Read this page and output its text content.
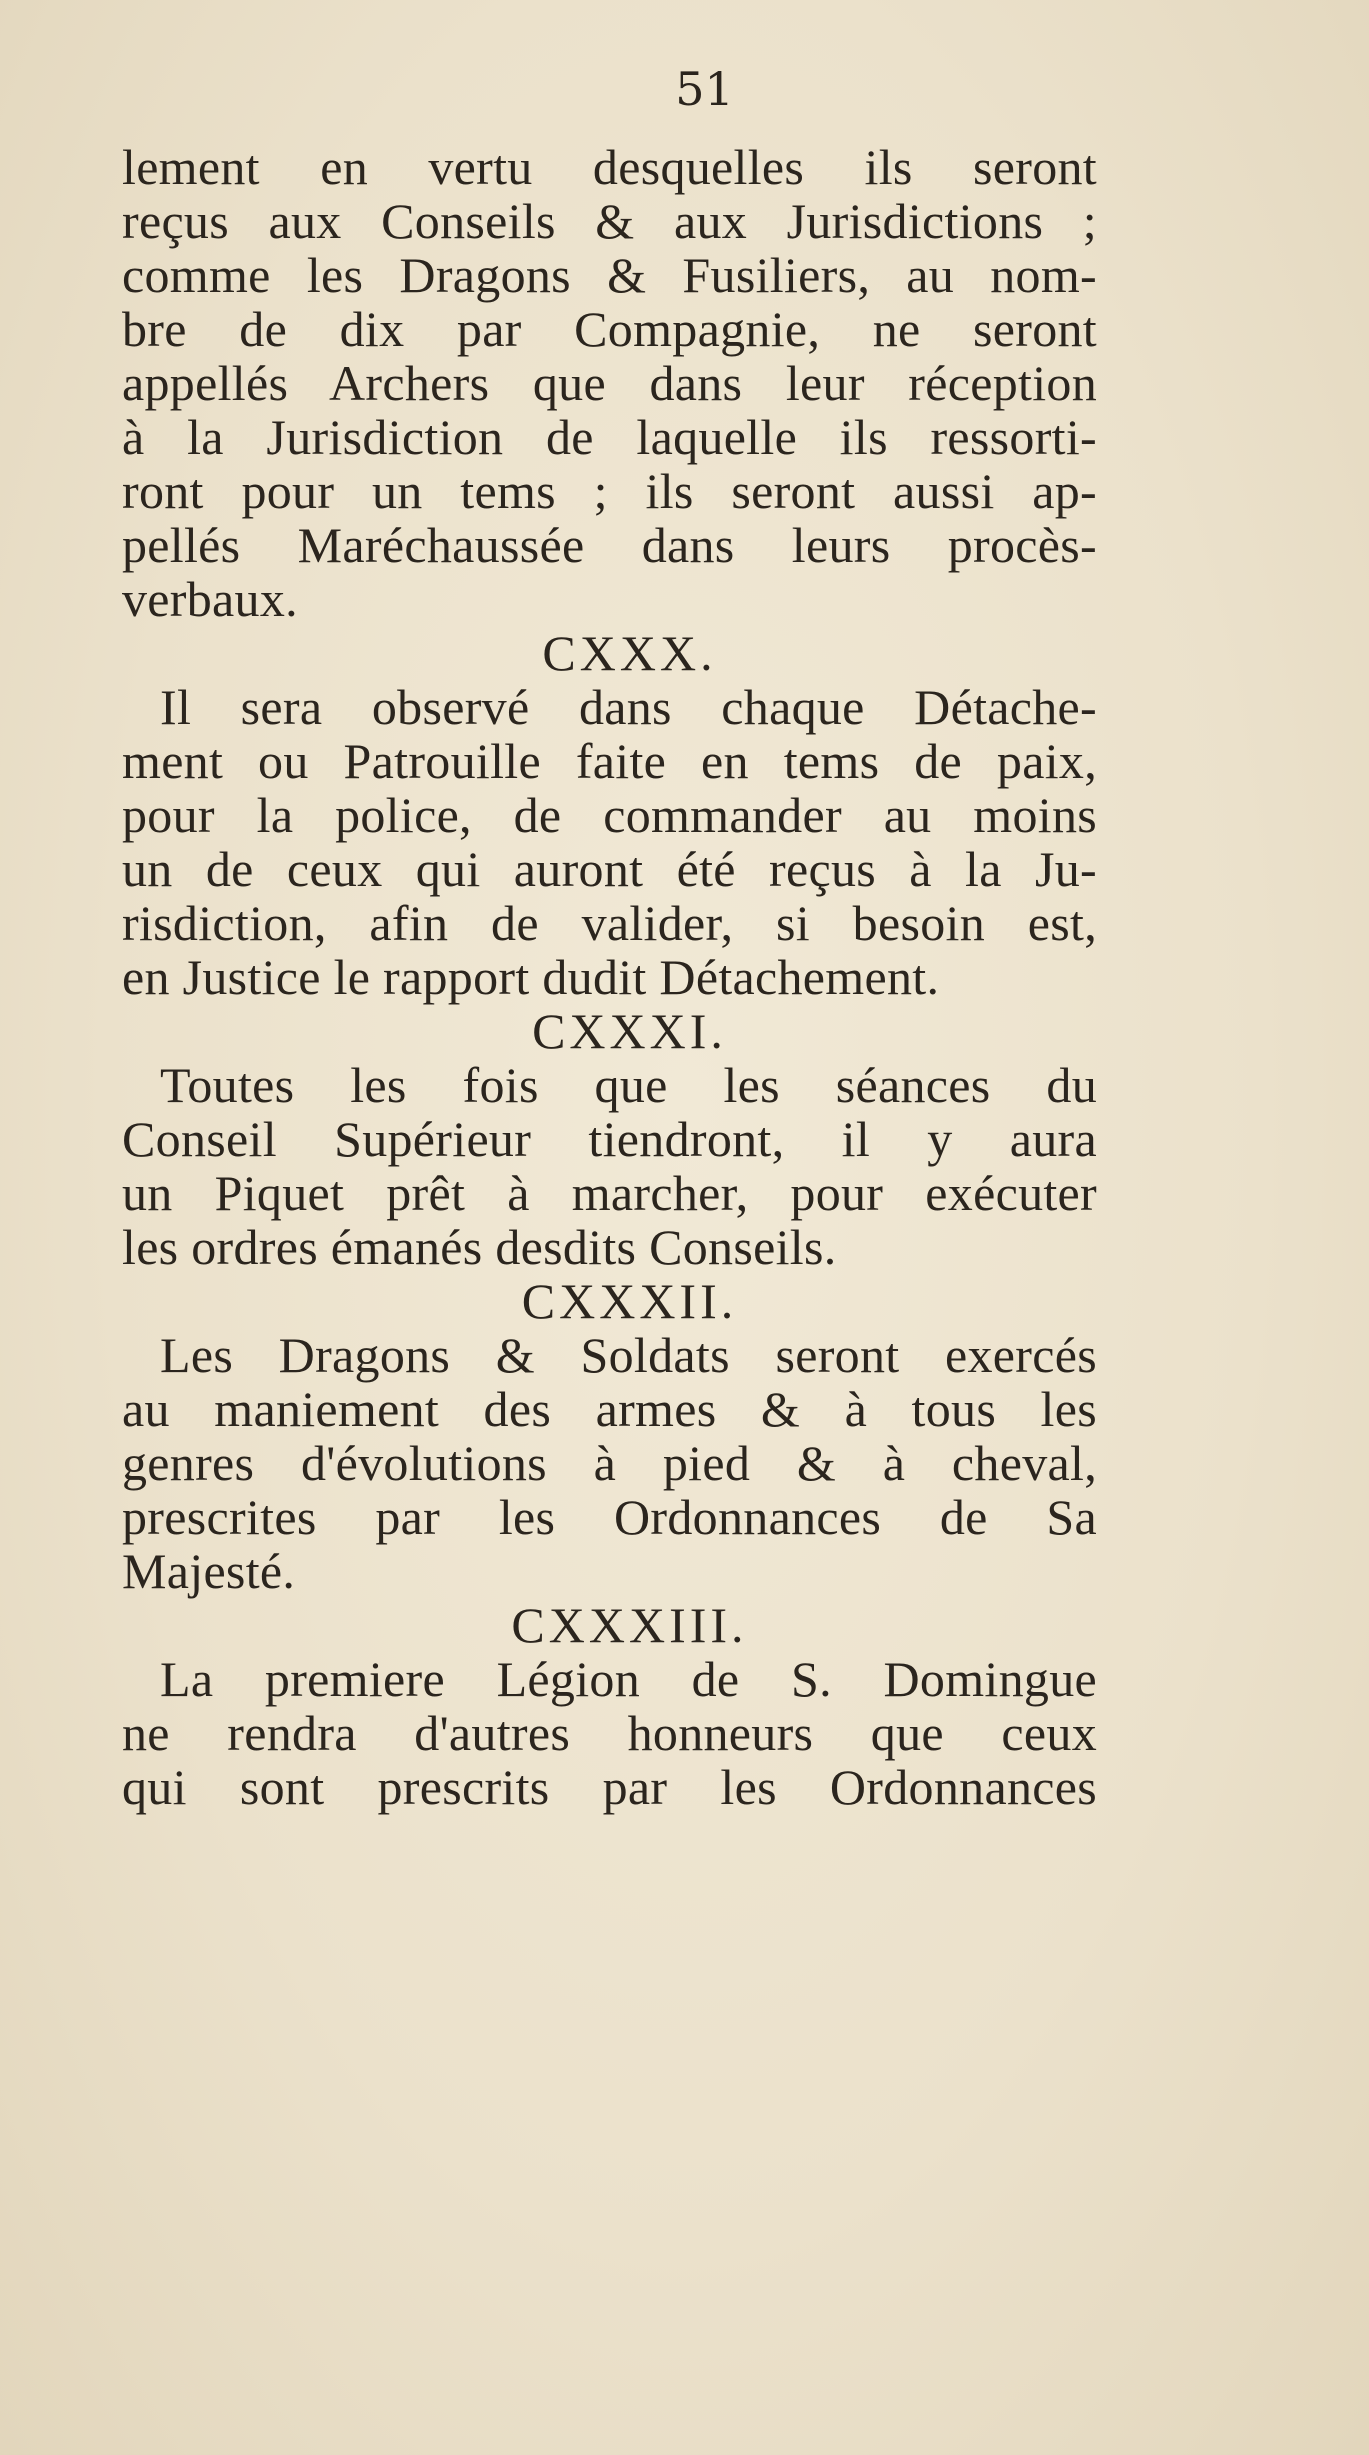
51
lement en vertu desquelles ils seront
reçus aux Conseils & aux Jurisdictions ;
comme les Dragons & Fusiliers, au nom-
bre de dix par Compagnie, ne seront
appellés Archers que dans leur réception
à la Jurisdiction de laquelle ils ressorti-
ront pour un tems ; ils seront aussi ap-
pellés Maréchaussée dans leurs procès-
verbaux.
CXXX.
Il sera observé dans chaque Détache-
ment ou Patrouille faite en tems de paix,
pour la police, de commander au moins
un de ceux qui auront été reçus à la Ju-
risdiction, afin de valider, si besoin est,
en Justice le rapport dudit Détachement.
CXXXI.
Toutes les fois que les séances du
Conseil Supérieur tiendront, il y aura
un Piquet prêt à marcher, pour exécuter
les ordres émanés desdits Conseils.
CXXXII.
Les Dragons & Soldats seront exercés
au maniement des armes & à tous les
genres d'évolutions à pied & à cheval,
prescrites par les Ordonnances de Sa
Majesté.
CXXXIII.
La premiere Légion de S. Domingue
ne rendra d'autres honneurs que ceux
qui sont prescrits par les Ordonnances
